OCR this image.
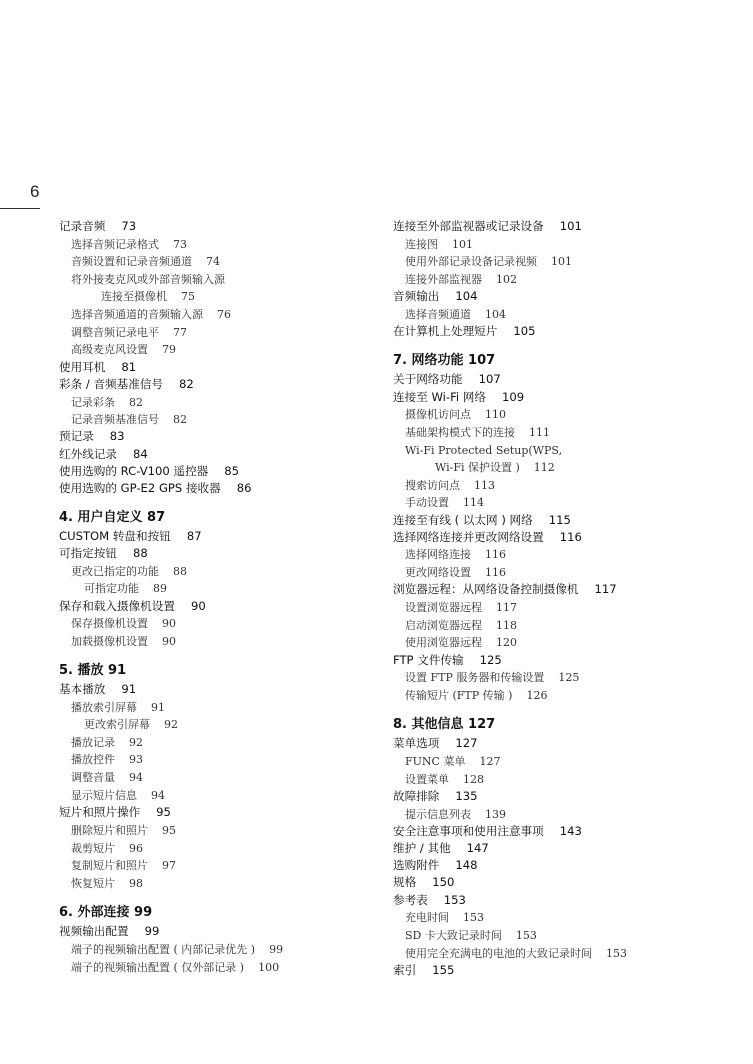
6
记录音频 73
选择音频记录格式 73
音频设置和记录音频通道 74
将外接麦克风或外部音频输入源
连接至摄像机 75
选择音频通道的音频输入源 76
调整音频记录电平 77
高级麦克风设置 79
使用耳机 81
彩条 / 音频基准信号 82
记录彩条 82
记录音频基准信号 82
预记录 83
红外线记录 84
使用选购的 RC-V100 遥控器 85
使用选购的 GP-E2 GPS 接收器 86
4. 用户自定义 87
CUSTOM 转盘和按钮 87
可指定按钮 88
更改已指定的功能 88
可指定功能 89
保存和载入摄像机设置 90
保存摄像机设置 90
加载摄像机设置 90
5. 播放 91
基本播放 91
播放索引屏幕 91
更改索引屏幕 92
播放记录 92
播放控件 93
调整音量 94
显示短片信息 94
短片和照片操作 95
删除短片和照片 95
裁剪短片 96
复制短片和照片 97
恢复短片 98
6. 外部连接 99
视频输出配置 99
端子的视频输出配置 ( 内部记录优先 ) 99
端子的视频输出配置 ( 仅外部记录 ) 100
连接至外部监视器或记录设备 101
连接图 101
使用外部记录设备记录视频 101
连接外部监视器 102
音频输出 104
选择音频通道 104
在计算机上处理短片 105
7. 网络功能 107
关于网络功能 107
连接至 Wi-Fi 网络 109
摄像机访问点 110
基础架构模式下的连接 111
Wi-Fi Protected Setup(WPS,
Wi-Fi 保护设置 ) 112
搜索访问点 113
手动设置 114
连接至有线 ( 以太网 ) 网络 115
选择网络连接并更改网络设置 116
选择网络连接 116
更改网络设置 116
浏览器远程：从网络设备控制摄像机 117
设置浏览器远程 117
启动浏览器远程 118
使用浏览器远程 120
FTP 文件传输 125
设置 FTP 服务器和传输设置 125
传输短片 (FTP 传输 ) 126
8. 其他信息 127
菜单选项 127
FUNC 菜单 127
设置菜单 128
故障排除 135
提示信息列表 139
安全注意事项和使用注意事项 143
维护 / 其他 147
选购附件 148
规格 150
参考表 153
充电时间 153
SD 卡大致记录时间 153
使用完全充满电的电池的大致记录时间 153
索引 155
